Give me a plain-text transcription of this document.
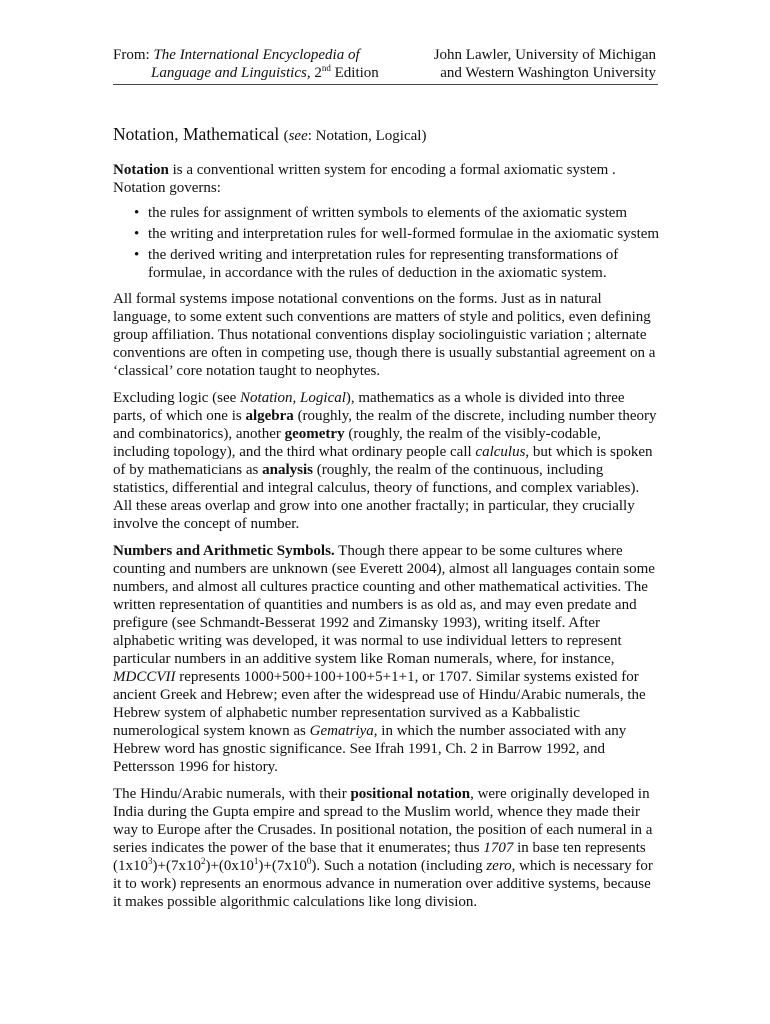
From: The International Encyclopedia of
Language and Linguistics, 2nd Edition
John Lawler, University of Michigan
and Western Washington University
Notation, Mathematical (see: Notation, Logical)

Notation is a conventional written system for encoding a formal axiomatic system . Notation governs:

• the rules for assignment of written symbols to elements of the axiomatic system
• the writing and interpretation rules for well-formed formulae in the axiomatic system
• the derived writing and interpretation rules for representing transformations of formulae, in accordance with the rules of deduction in the axiomatic system.

All formal systems impose notational conventions on the forms. Just as in natural language, to some extent such conventions are matters of style and politics, even defining group affiliation. Thus notational conventions display sociolinguistic variation ; alternate conventions are often in competing use, though there is usually substantial agreement on a ‘classical’ core notation taught to neophytes.

Excluding logic (see Notation, Logical), mathematics as a whole is divided into three parts, of which one is algebra (roughly, the realm of the discrete, including number theory and combinatorics), another geometry (roughly, the realm of the visibly-codable, including topology), and the third what ordinary people call calculus, but which is spoken of by mathematicians as analysis (roughly, the realm of the continuous, including statistics, differential and integral calculus, theory of functions, and complex variables). All these areas overlap and grow into one another fractally; in particular, they crucially involve the concept of number.

Numbers and Arithmetic Symbols. Though there appear to be some cultures where counting and numbers are unknown (see Everett 2004), almost all languages contain some numbers, and almost all cultures practice counting and other mathematical activities. The written representation of quantities and numbers is as old as, and may even predate and prefigure (see Schmandt-Besserat 1992 and Zimansky 1993), writing itself. After alphabetic writing was developed, it was normal to use individual letters to represent particular numbers in an additive system like Roman numerals, where, for instance, MDCCVII represents 1000+500+100+100+5+1+1, or 1707. Similar systems existed for ancient Greek and Hebrew; even after the widespread use of Hindu/Arabic numerals, the Hebrew system of alphabetic number representation survived as a Kabbalistic numerological system known as Gematriya, in which the number associated with any Hebrew word has gnostic significance. See Ifrah 1991, Ch. 2 in Barrow 1992, and Pettersson 1996 for history.

The Hindu/Arabic numerals, with their positional notation, were originally developed in India during the Gupta empire and spread to the Muslim world, whence they made their way to Europe after the Crusades. In positional notation, the position of each numeral in a series indicates the power of the base that it enumerates; thus 1707 in base ten represents $(1x10^3)+(7x10^2)+(0x10^1)+(7x10^0)$. Such a notation (including zero, which is necessary for it to work) represents an enormous advance in numeration over additive systems, because it makes possible algorithmic calculations like long division.
